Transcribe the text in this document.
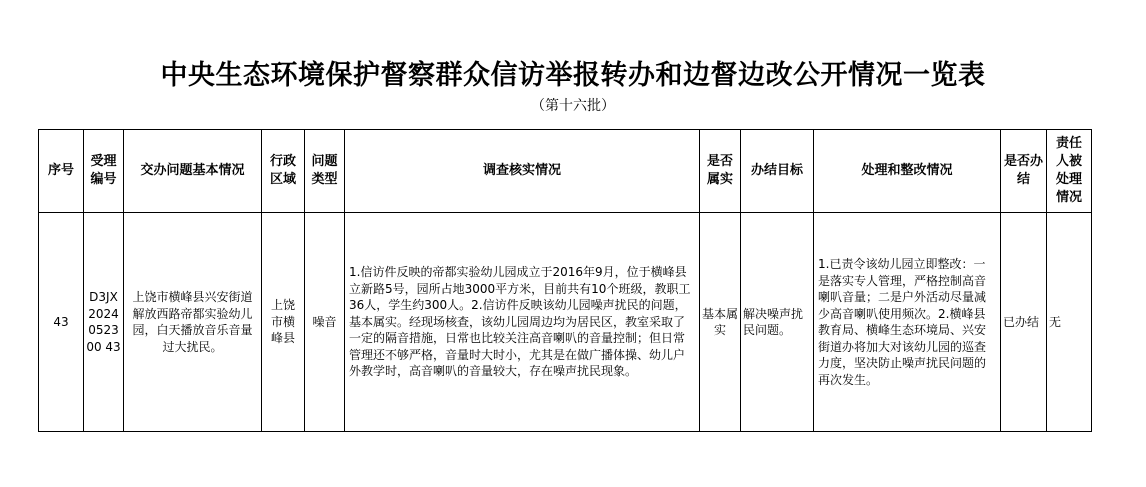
中央生态环境保护督察群众信访举报转办和边督边改公开情况一览表
（第十六批）
序号	受理编号	交办问题基本情况	行政区域	问题类型	调查核实情况	是否属实	办结目标	处理和整改情况	是否办结	责任人被处理情况
43	D3JX2024052300 43	上饶市横峰县兴安街道解放西路帝都实验幼儿园，白天播放音乐音量过大扰民。	上饶市横峰县	噪音	1.信访件反映的帝都实验幼儿园成立于2016年9月，位于横峰县立新路5号，园所占地3000平方米，目前共有10个班级，教职工36人，学生约300人。2.信访件反映该幼儿园噪声扰民的问题，基本属实。经现场核查，该幼儿园周边均为居民区，教室采取了一定的隔音措施，日常也比较关注高音喇叭的音量控制；但日常管理还不够严格，音量时大时小，尤其是在做广播体操、幼儿户外教学时，高音喇叭的音量较大，存在噪声扰民现象。	基本属实	解决噪声扰民问题。	1.已责令该幼儿园立即整改：一是落实专人管理，严格控制高音喇叭音量；二是户外活动尽量减少高音喇叭使用频次。2.横峰县教育局、横峰生态环境局、兴安街道办将加大对该幼儿园的巡查力度，坚决防止噪声扰民问题的再次发生。	已办结	无
